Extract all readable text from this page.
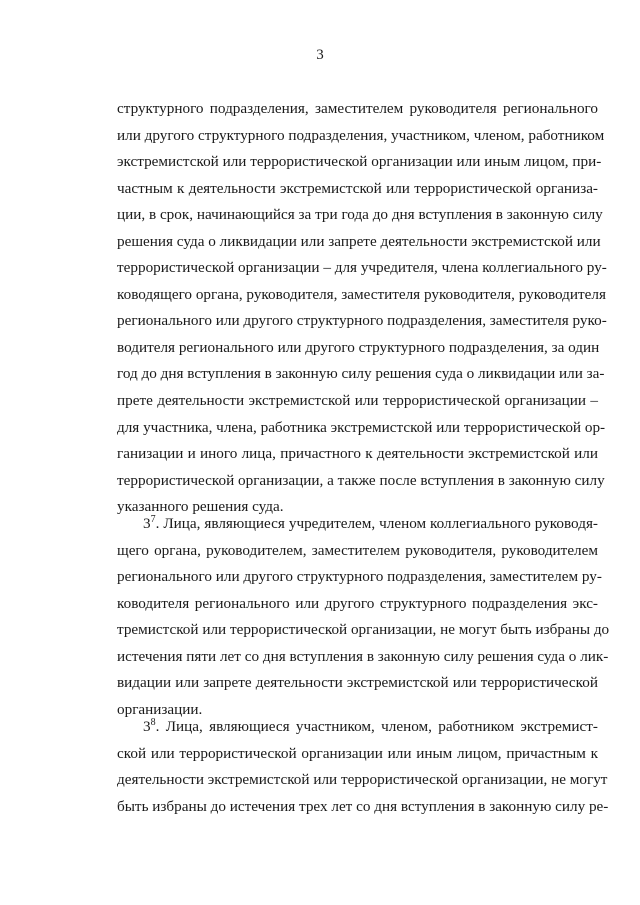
3
структурного подразделения, заместителем руководителя регионального
или другого структурного подразделения, участником, членом, работником
экстремистской или террористической организации или иным лицом, при-
частным к деятельности экстремистской или террористической организа-
ции, в срок, начинающийся за три года до дня вступления в законную силу
решения суда о ликвидации или запрете деятельности экстремистской или
террористической организации – для учредителя, члена коллегиального ру-
ководящего органа, руководителя, заместителя руководителя, руководителя
регионального или другого структурного подразделения, заместителя руко-
водителя регионального или другого структурного подразделения, за один
год до дня вступления в законную силу решения суда о ликвидации или за-
прете деятельности экстремистской или террористической организации –
для участника, члена, работника экстремистской или террористической ор-
ганизации и иного лица, причастного к деятельности экстремистской или
террористической организации, а также после вступления в законную силу
указанного решения суда.
$3^7$. Лица, являющиеся учредителем, членом коллегиального руководя-
щего органа, руководителем, заместителем руководителя, руководителем
регионального или другого структурного подразделения, заместителем ру-
ководителя регионального или другого структурного подразделения экс-
тремистской или террористической организации, не могут быть избраны до
истечения пяти лет со дня вступления в законную силу решения суда о лик-
видации или запрете деятельности экстремистской или террористической
организации.
$3^8$. Лица, являющиеся участником, членом, работником экстремист-
ской или террористической организации или иным лицом, причастным к
деятельности экстремистской или террористической организации, не могут
быть избраны до истечения трех лет со дня вступления в законную силу ре-
